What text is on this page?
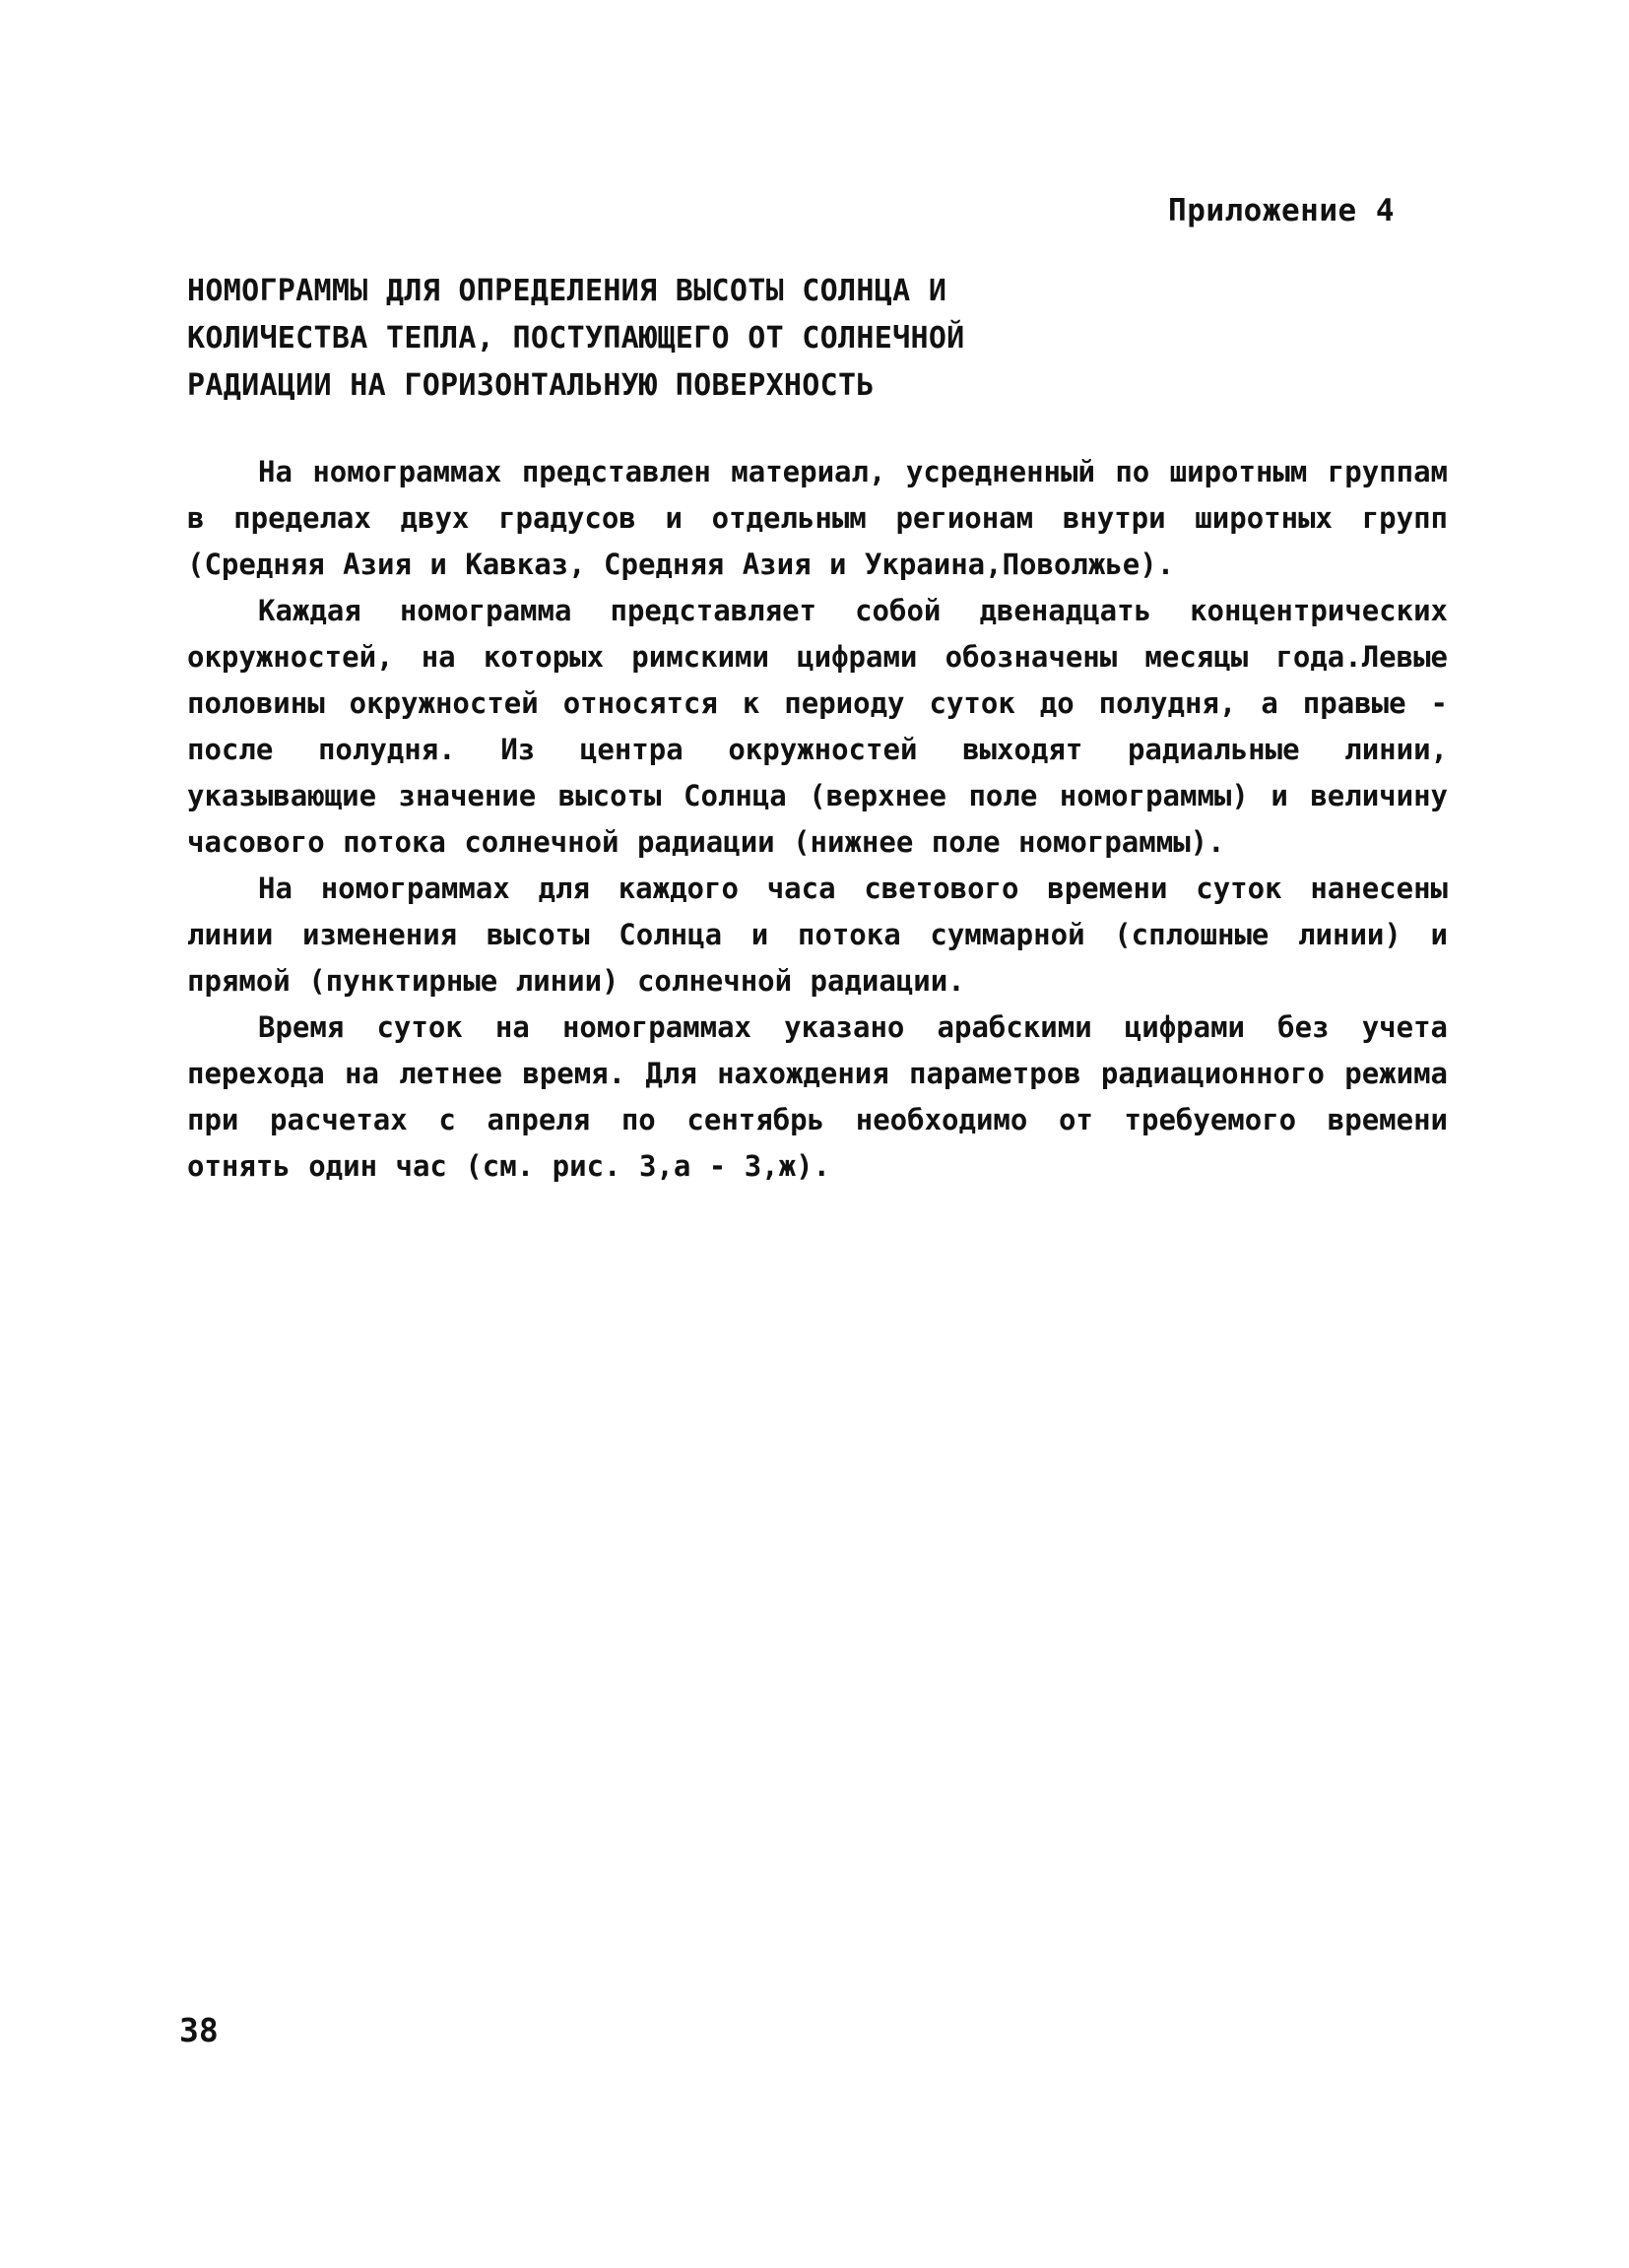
Приложение 4
НОМОГРАММЫ ДЛЯ ОПРЕДЕЛЕНИЯ ВЫСОТЫ СОЛНЦА И
КОЛИЧЕСТВА ТЕПЛА, ПОСТУПАЮЩЕГО ОТ СОЛНЕЧНОЙ
РАДИАЦИИ НА ГОРИЗОНТАЛЬНУЮ ПОВЕРХНОСТЬ

На номограммах представлен материал, усредненный по широтным группам в пределах двух градусов и отдельным регионам внутри широтных групп (Средняя Азия и Кавказ, Средняя Азия и Украина,Поволжье).

Каждая номограмма представляет собой двенадцать концентрических окружностей, на которых римскими цифрами обозначены месяцы года.Левые половины окружностей относятся к периоду суток до полудня, а правые - после полудня. Из центра окружностей выходят радиальные линии, указывающие значение высоты Солнца (верхнее поле номограммы) и величину часового потока солнечной радиации (нижнее поле номограммы).

На номограммах для каждого часа светового времени суток нанесены линии изменения высоты Солнца и потока суммарной (сплошные линии) и прямой (пунктирные линии) солнечной радиации.

Время суток на номограммах указано арабскими цифрами без учета перехода на летнее время. Для нахождения параметров радиационного режима при расчетах с апреля по сентябрь необходимо от требуемого времени отнять один час (см. рис. 3,а - 3,ж).

38
